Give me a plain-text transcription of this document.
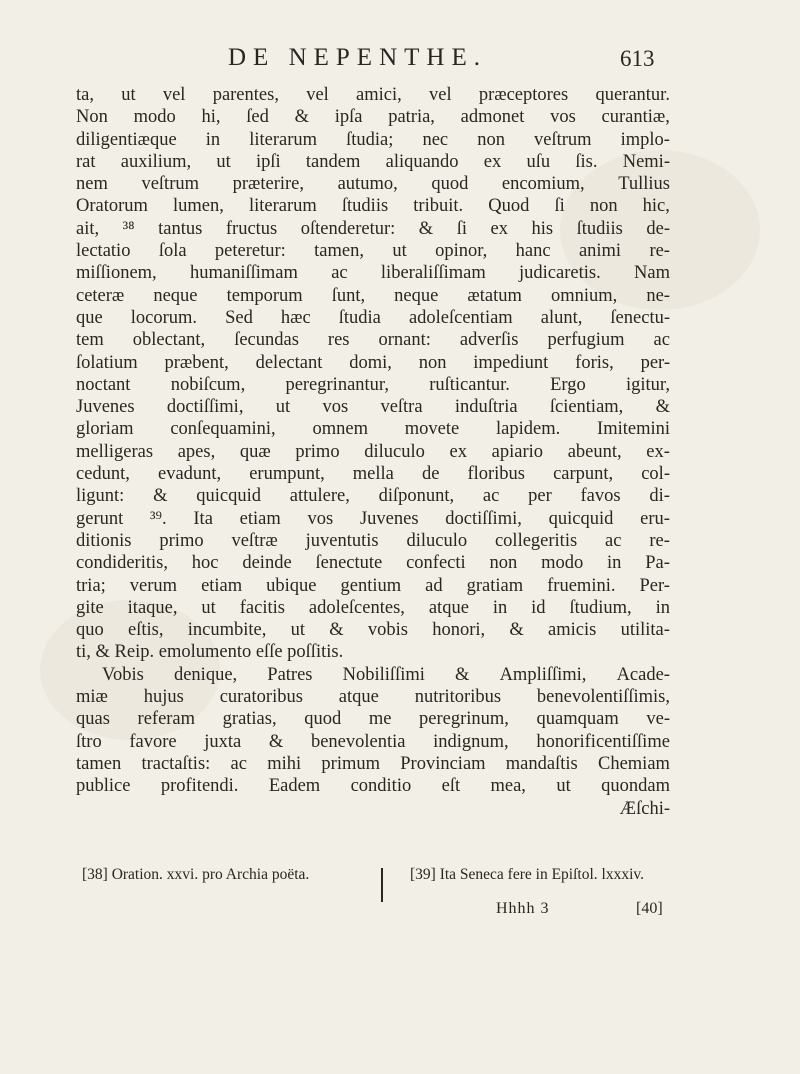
DE NEPENTHE.	613
ta, ut vel parentes, vel amici, vel præceptores querantur.
Non modo hi, ſed & ipſa patria, admonet vos curantiæ,
diligentiæque in literarum ſtudia; nec non veſtrum implo-
rat auxilium, ut ipſi tandem aliquando ex uſu ſis. Nemi-
nem veſtrum præterire, autumo, quod encomium, Tullius
Oratorum lumen, literarum ſtudiis tribuit. Quod ſi non hic,
ait, ³⁸ tantus fructus oſtenderetur: & ſi ex his ſtudiis de-
lectatio ſola peteretur: tamen, ut opinor, hanc animi re-
miſſionem, humaniſſimam ac liberaliſſimam judicaretis. Nam
ceteræ neque temporum ſunt, neque ætatum omnium, ne-
que locorum. Sed hæc ſtudia adoleſcentiam alunt, ſenectu-
tem oblectant, ſecundas res ornant: adverſis perfugium ac
ſolatium præbent, delectant domi, non impediunt foris, per-
noctant nobiſcum, peregrinantur, ruſticantur. Ergo igitur,
Juvenes doctiſſimi, ut vos veſtra induſtria ſcientiam, &
gloriam conſequamini, omnem movete lapidem. Imitemini
melligeras apes, quæ primo diluculo ex apiario abeunt, ex-
cedunt, evadunt, erumpunt, mella de floribus carpunt, col-
ligunt: & quicquid attulere, diſponunt, ac per favos di-
gerunt ³⁹. Ita etiam vos Juvenes doctiſſimi, quicquid eru-
ditionis primo veſtræ juventutis diluculo collegeritis ac re-
condideritis, hoc deinde ſenectute confecti non modo in Pa-
tria; verum etiam ubique gentium ad gratiam fruemini. Per-
gite itaque, ut facitis adoleſcentes, atque in id ſtudium, in
quo eſtis, incumbite, ut & vobis honori, & amicis utilita-
ti, & Reip. emolumento eſſe poſſitis.
Vobis denique, Patres Nobiliſſimi & Ampliſſimi, Acade-
miæ hujus curatoribus atque nutritoribus benevolentiſſimis,
quas referam gratias, quod me peregrinum, quamquam ve-
ſtro favore juxta & benevolentia indignum, honorificentiſſime
tamen tractaſtis: ac mihi primum Provinciam mandaſtis Chemiam
publice profitendi. Eadem conditio eſt mea, ut quondam
Æſchi-
[38] Oration. xxvi. pro Archia poëta.	[39] Ita Seneca fere in Epiſtol. lxxxiv.
Hhhh 3	[40]
